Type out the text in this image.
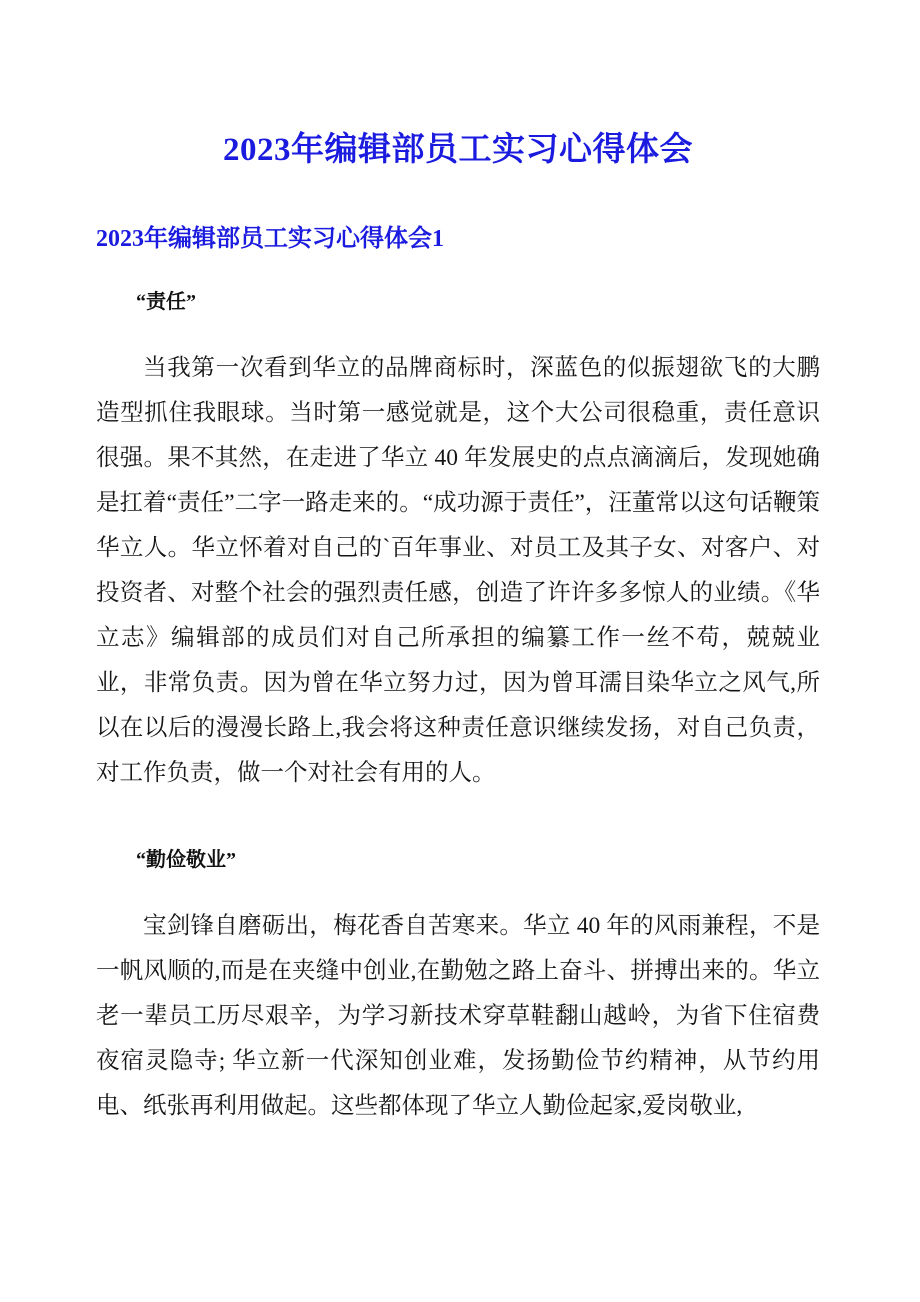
2023年编辑部员工实习心得体会
2023年编辑部员工实习心得体会1
“责任”

当我第一次看到华立的品牌商标时，深蓝色的似振翅欲飞的大鹏造型抓住我眼球。当时第一感觉就是，这个大公司很稳重，责任意识很强。果不其然，在走进了华立 40 年发展史的点点滴滴后，发现她确是扛着“责任”二字一路走来的。“成功源于责任”，汪董常以这句话鞭策华立人。华立怀着对自己的`百年事业、对员工及其子女、对客户、对投资者、对整个社会的强烈责任感，创造了许许多多惊人的业绩。《华立志》编辑部的成员们对自己所承担的编纂工作一丝不苟，兢兢业业，非常负责。因为曾在华立努力过，因为曾耳濡目染华立之风气,所以在以后的漫漫长路上,我会将这种责任意识继续发扬，对自己负责，对工作负责，做一个对社会有用的人。

“勤俭敬业”

宝剑锋自磨砺出，梅花香自苦寒来。华立 40 年的风雨兼程，不是一帆风顺的,而是在夹缝中创业,在勤勉之路上奋斗、拼搏出来的。华立老一辈员工历尽艰辛，为学习新技术穿草鞋翻山越岭，为省下住宿费夜宿灵隐寺; 华立新一代深知创业难，发扬勤俭节约精神，从节约用电、纸张再利用做起。这些都体现了华立人勤俭起家,爱岗敬业,
